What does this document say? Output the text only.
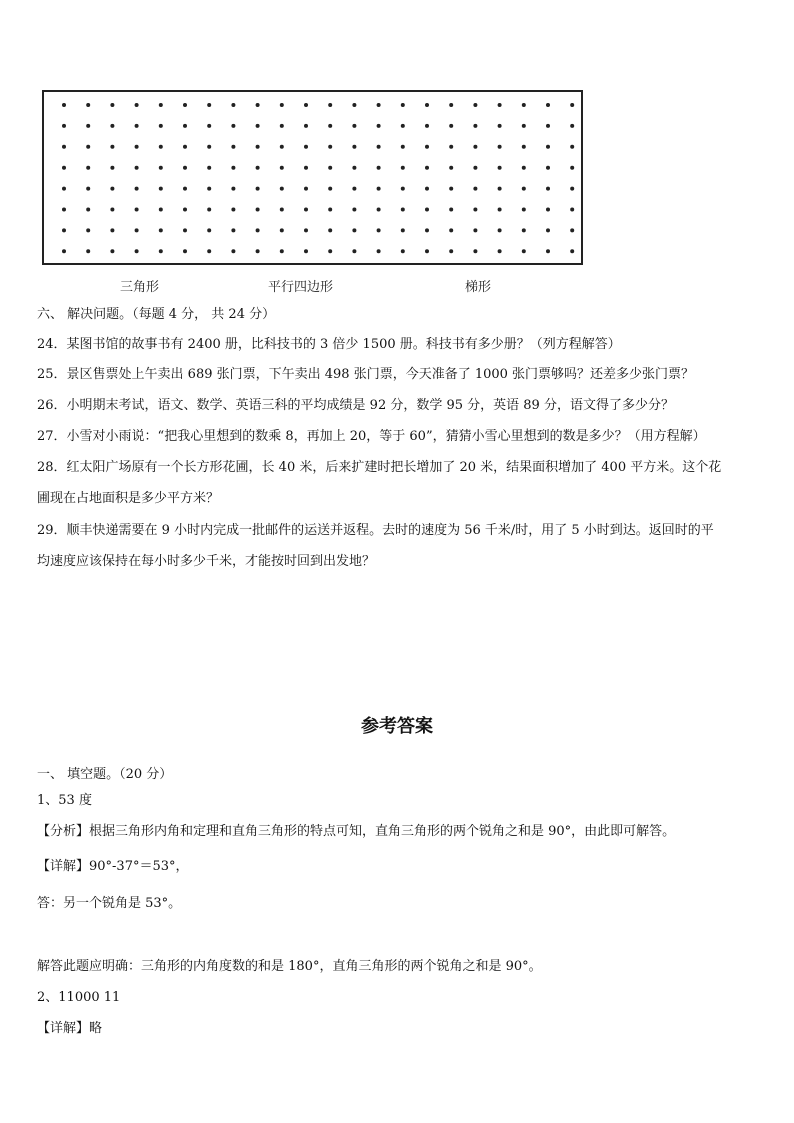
三角形	平行四边形	梯形
六、 解决问题。（每题 4 分， 共 24 分）
24．某图书馆的故事书有 2400 册，比科技书的 3 倍少 1500 册。科技书有多少册？（列方程解答）
25．景区售票处上午卖出 689 张门票，下午卖出 498 张门票，今天准备了 1000 张门票够吗？还差多少张门票？
26．小明期末考试，语文、数学、英语三科的平均成绩是 92 分，数学 95 分，英语 89 分，语文得了多少分？
27．小雪对小雨说：“把我心里想到的数乘 8，再加上 20，等于 60”，猜猜小雪心里想到的数是多少？（用方程解）
28．红太阳广场原有一个长方形花圃，长 40 米，后来扩建时把长增加了 20 米，结果面积增加了 400 平方米。这个花
圃现在占地面积是多少平方米？
29．顺丰快递需要在 9 小时内完成一批邮件的运送并返程。去时的速度为 56 千米/时，用了 5 小时到达。返回时的平
均速度应该保持在每小时多少千米，才能按时回到出发地？
参考答案
一、 填空题。（20 分）
1、53 度
【分析】根据三角形内角和定理和直角三角形的特点可知，直角三角形的两个锐角之和是 90°，由此即可解答。
【详解】90°-37°＝53°，
答：另一个锐角是 53°。
解答此题应明确：三角形的内角度数的和是 180°，直角三角形的两个锐角之和是 90°。
2、11000 11
【详解】略
